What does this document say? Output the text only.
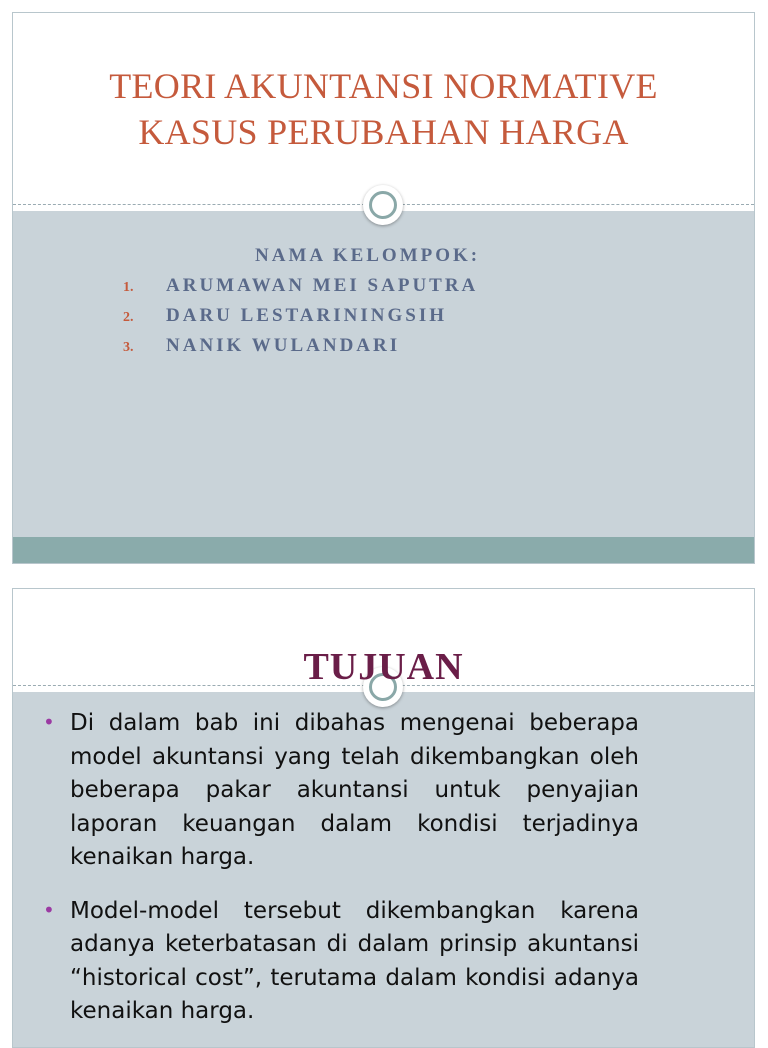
TEORI AKUNTANSI NORMATIVE
KASUS PERUBAHAN HARGA
NAMA KELOMPOK:
1.	ARUMAWAN MEI SAPUTRA
2.	DARU LESTARININGSIH
3.	NANIK WULANDARI
TUJUAN
• Di dalam bab ini dibahas mengenai beberapa model akuntansi yang telah dikembangkan oleh beberapa pakar akuntansi untuk penyajian laporan keuangan dalam kondisi terjadinya kenaikan harga.
• Model-model tersebut dikembangkan karena adanya keterbatasan di dalam prinsip akuntansi “historical cost”, terutama dalam kondisi adanya kenaikan harga.
